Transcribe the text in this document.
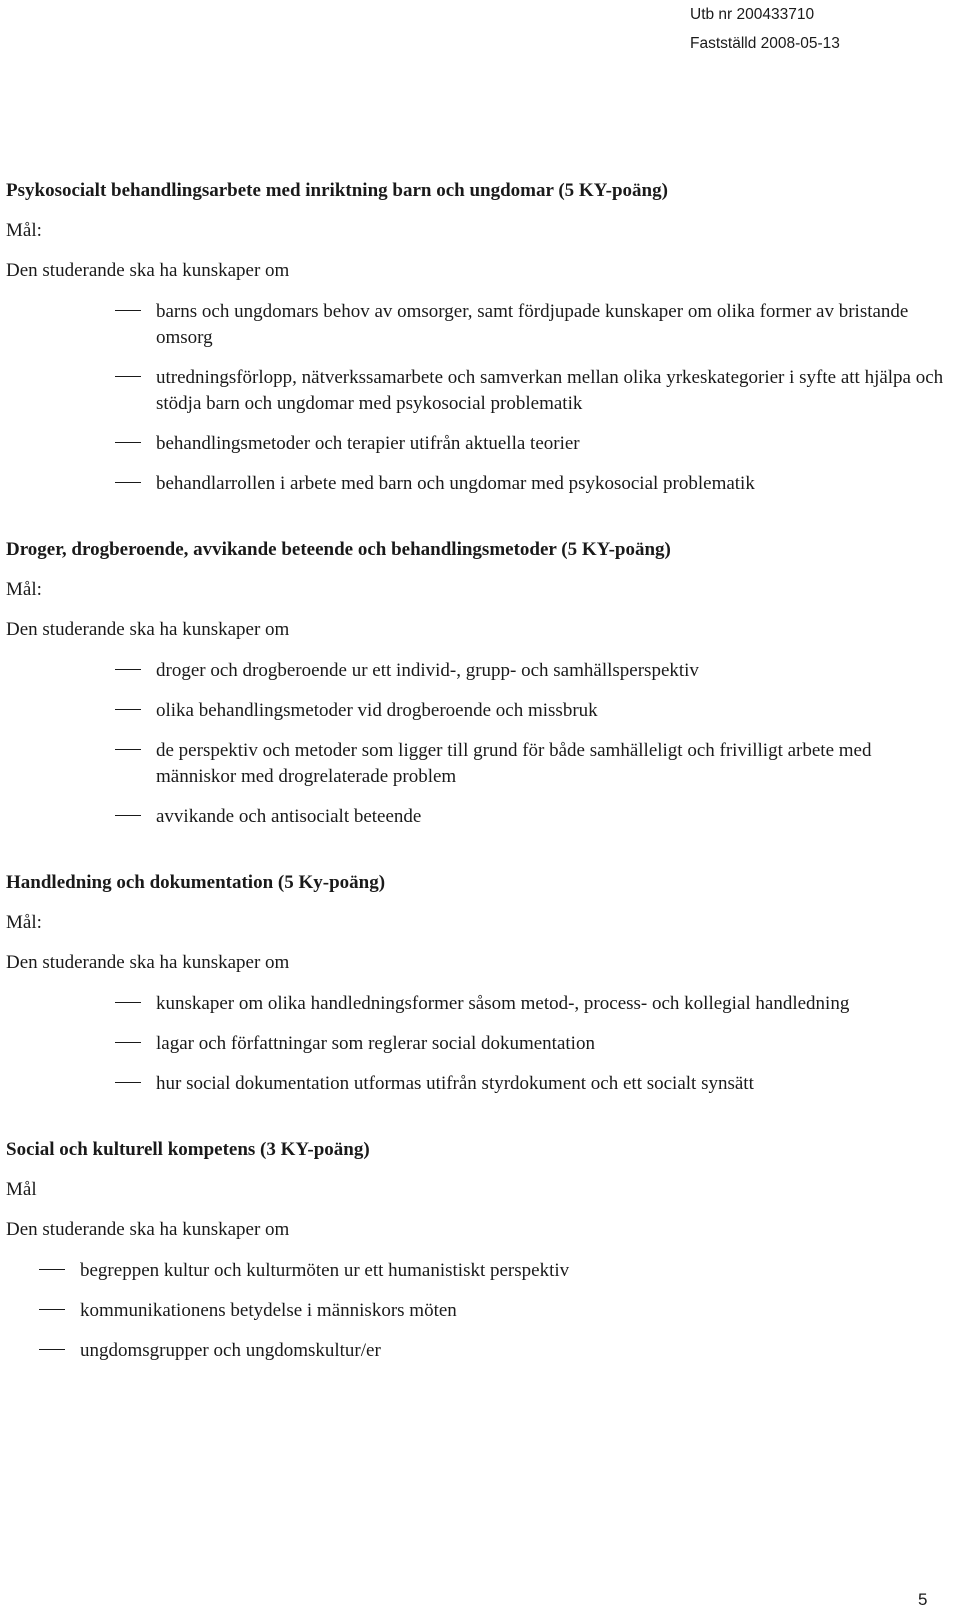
Utb nr 200433710
Fastställd 2008-05-13
Psykosocialt behandlingsarbete med inriktning barn och ungdomar (5 KY-poäng)
Mål:
Den studerande ska ha kunskaper om
barns och ungdomars behov av omsorger, samt fördjupade kunskaper om olika former av bristande omsorg
utredningsförlopp, nätverkssamarbete och samverkan mellan olika yrkeskategorier i syfte att hjälpa och stödja barn och ungdomar med psykosocial problematik
behandlingsmetoder och terapier utifrån aktuella teorier
behandlarrollen i arbete med barn och ungdomar med psykosocial problematik
Droger, drogberoende, avvikande beteende och behandlingsmetoder (5 KY-poäng)
Mål:
Den studerande ska ha kunskaper om
droger och drogberoende ur ett individ-, grupp- och samhällsperspektiv
olika behandlingsmetoder vid drogberoende och missbruk
de perspektiv och metoder som ligger till grund för både samhälleligt och frivilligt arbete med människor med drogrelaterade problem
avvikande och antisocialt beteende
Handledning och dokumentation (5 Ky-poäng)
Mål:
Den studerande ska ha kunskaper om
kunskaper om olika handledningsformer såsom metod-, process- och kollegial handledning
lagar och författningar som reglerar social dokumentation
hur social dokumentation utformas utifrån styrdokument och ett socialt synsätt
Social och kulturell kompetens (3 KY-poäng)
Mål
Den studerande ska ha kunskaper om
begreppen kultur och kulturmöten ur ett humanistiskt perspektiv
kommunikationens betydelse i människors möten
ungdomsgrupper och ungdomskultur/er
5
